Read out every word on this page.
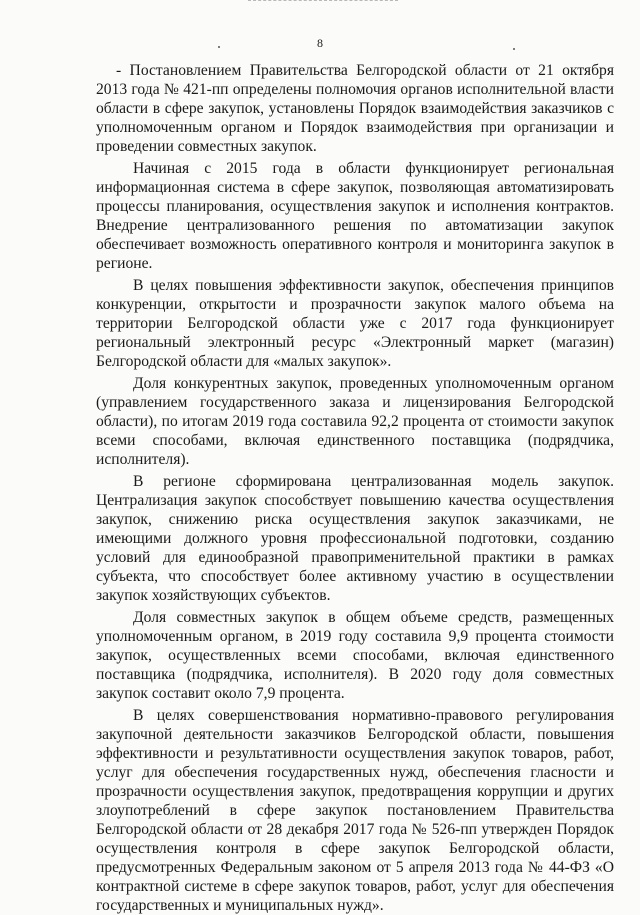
8

- Постановлением Правительства Белгородской области от 21 октября 2013 года № 421-пп определены полномочия органов исполнительной власти области в сфере закупок, установлены Порядок взаимодействия заказчиков с уполномоченным органом и Порядок взаимодействия при организации и проведении совместных закупок.

Начиная с 2015 года в области функционирует региональная информационная система в сфере закупок, позволяющая автоматизировать процессы планирования, осуществления закупок и исполнения контрактов. Внедрение централизованного решения по автоматизации закупок обеспечивает возможность оперативного контроля и мониторинга закупок в регионе.

В целях повышения эффективности закупок, обеспечения принципов конкуренции, открытости и прозрачности закупок малого объема на территории Белгородской области уже с 2017 года функционирует региональный электронный ресурс «Электронный маркет (магазин) Белгородской области для «малых закупок».

Доля конкурентных закупок, проведенных уполномоченным органом (управлением государственного заказа и лицензирования Белгородской области), по итогам 2019 года составила 92,2 процента от стоимости закупок всеми способами, включая единственного поставщика (подрядчика, исполнителя).

В регионе сформирована централизованная модель закупок. Централизация закупок способствует повышению качества осуществления закупок, снижению риска осуществления закупок заказчиками, не имеющими должного уровня профессиональной подготовки, созданию условий для единообразной правоприменительной практики в рамках субъекта, что способствует более активному участию в осуществлении закупок хозяйствующих субъектов.

Доля совместных закупок в общем объеме средств, размещенных уполномоченным органом, в 2019 году составила 9,9 процента стоимости закупок, осуществленных всеми способами, включая единственного поставщика (подрядчика, исполнителя). В 2020 году доля совместных закупок составит около 7,9 процента.

В целях совершенствования нормативно-правового регулирования закупочной деятельности заказчиков Белгородской области, повышения эффективности и результативности осуществления закупок товаров, работ, услуг для обеспечения государственных нужд, обеспечения гласности и прозрачности осуществления закупок, предотвращения коррупции и других злоупотреблений в сфере закупок постановлением Правительства Белгородской области от 28 декабря 2017 года № 526-пп утвержден Порядок осуществления контроля в сфере закупок Белгородской области, предусмотренных Федеральным законом от 5 апреля 2013 года № 44-ФЗ «О контрактной системе в сфере закупок товаров, работ, услуг для обеспечения государственных и муниципальных нужд».
